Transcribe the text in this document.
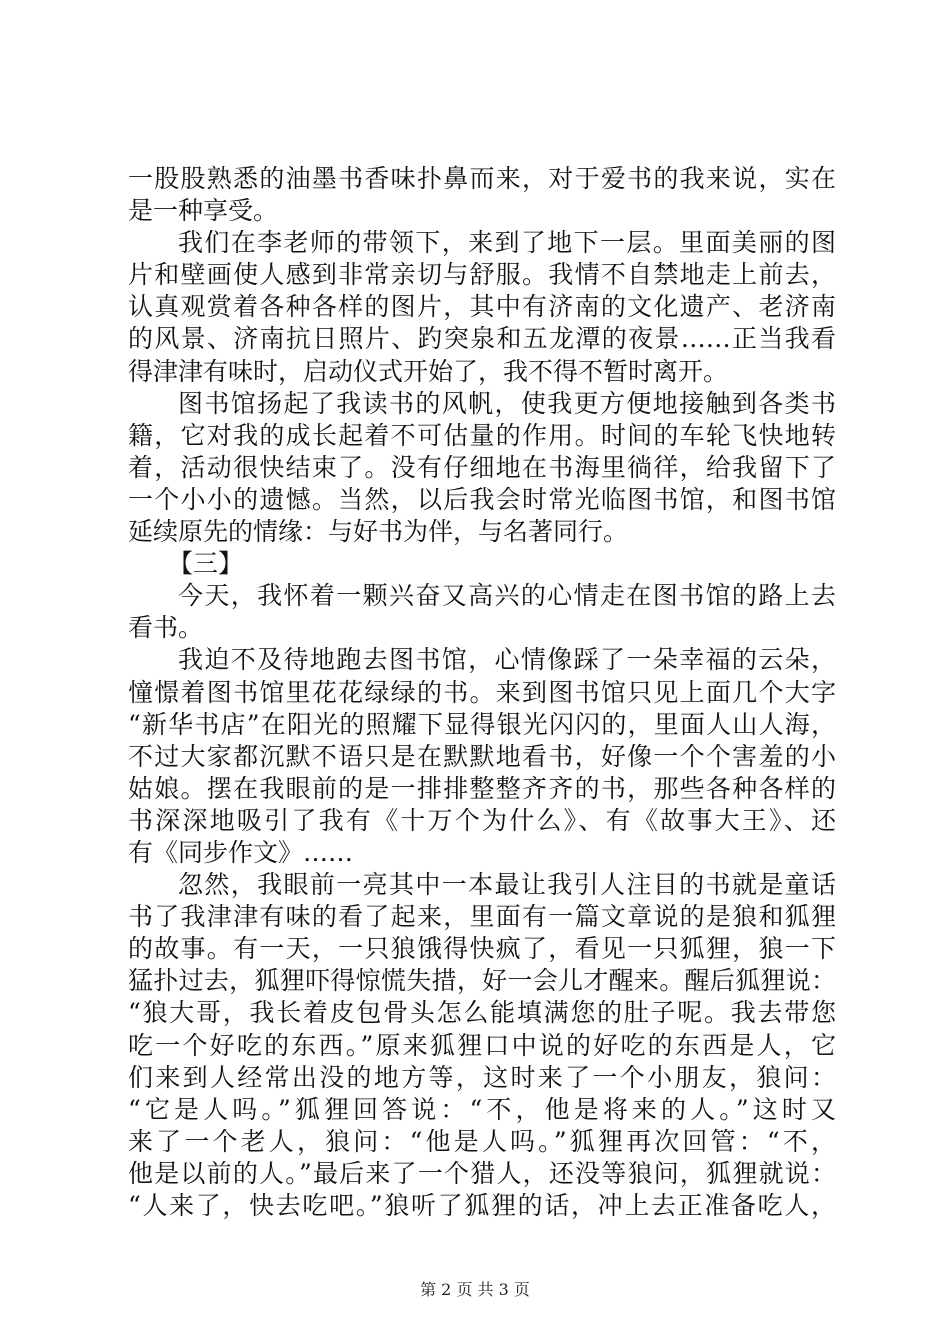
一股股熟悉的油墨书香味扑鼻而来，对于爱书的我来说，实在
是一种享受。
我们在李老师的带领下，来到了地下一层。里面美丽的图
片和壁画使人感到非常亲切与舒服。我情不自禁地走上前去，
认真观赏着各种各样的图片，其中有济南的文化遗产、老济南
的风景、济南抗日照片、趵突泉和五龙潭的夜景……正当我看
得津津有味时，启动仪式开始了，我不得不暂时离开。
图书馆扬起了我读书的风帆，使我更方便地接触到各类书
籍，它对我的成长起着不可估量的作用。时间的车轮飞快地转
着，活动很快结束了。没有仔细地在书海里徜徉，给我留下了
一个小小的遗憾。当然，以后我会时常光临图书馆，和图书馆
延续原先的情缘：与好书为伴，与名著同行。
【三】
今天，我怀着一颗兴奋又高兴的心情走在图书馆的路上去
看书。
我迫不及待地跑去图书馆，心情像踩了一朵幸福的云朵，
憧憬着图书馆里花花绿绿的书。来到图书馆只见上面几个大字
“新华书店”在阳光的照耀下显得银光闪闪的，里面人山人海，
不过大家都沉默不语只是在默默地看书，好像一个个害羞的小
姑娘。摆在我眼前的是一排排整整齐齐的书，那些各种各样的
书深深地吸引了我有《十万个为什么》、有《故事大王》、还
有《同步作文》……
忽然，我眼前一亮其中一本最让我引人注目的书就是童话
书了我津津有味的看了起来，里面有一篇文章说的是狼和狐狸
的故事。有一天，一只狼饿得快疯了，看见一只狐狸，狼一下
猛扑过去，狐狸吓得惊慌失措，好一会儿才醒来。醒后狐狸说：
“狼大哥，我长着皮包骨头怎么能填满您的肚子呢。我去带您
吃一个好吃的东西。”原来狐狸口中说的好吃的东西是人，它
们来到人经常出没的地方等，这时来了一个小朋友，狼问：
“它是人吗。”狐狸回答说：“不，他是将来的人。”这时又
来了一个老人，狼问：“他是人吗。”狐狸再次回管：“不，
他是以前的人。”最后来了一个猎人，还没等狼问，狐狸就说：
“人来了，快去吃吧。”狼听了狐狸的话，冲上去正准备吃人，
第 2 页 共 3 页
